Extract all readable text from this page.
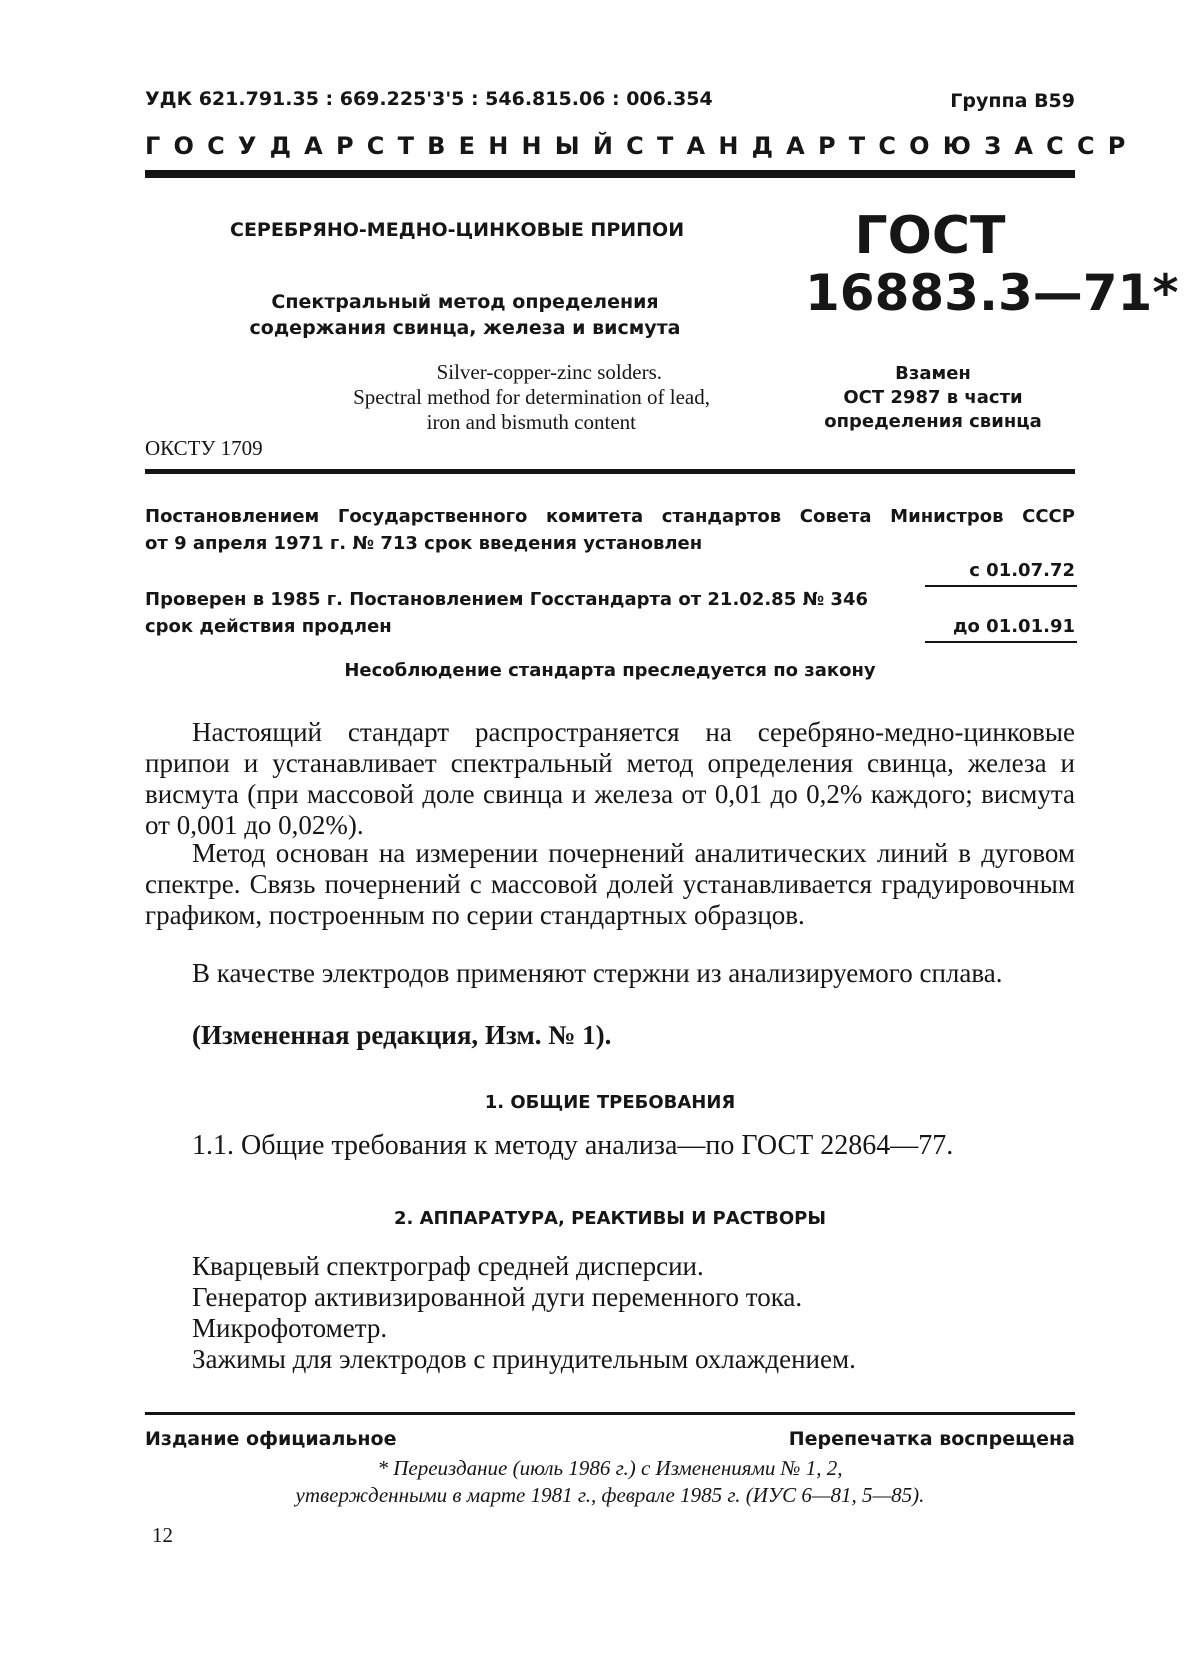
УДК 621.791.35 : 669.225'3'5 : 546.815.06 : 006.354	Группа В59
ГОСУДАРСТВЕННЫЙ СТАНДАРТ СОЮЗА ССР
СЕРЕБРЯНО-МЕДНО-ЦИНКОВЫЕ ПРИПОИ
Спектральный метод определения
содержания свинца, железа и висмута
Silver-copper-zinc solders.
Spectral method for determination of lead,
iron and bismuth content
ОКСТУ 1709
ГОСТ
16883.3—71*
Взамен
ОСТ 2987 в части
определения свинца
Постановлением Государственного комитета стандартов Совета Министров СССР
от 9 апреля 1971 г. № 713 срок введения установлен
с 01.07.72
Проверен в 1985 г. Постановлением Госстандарта от 21.02.85 № 346
срок действия продлен	до 01.01.91
Несоблюдение стандарта преследуется по закону

Настоящий стандарт распространяется на серебряно-медно-цинковые припои и устанавливает спектральный метод определения свинца, железа и висмута (при массовой доле свинца и железа от 0,01 до 0,2% каждого; висмута от 0,001 до 0,02%).

Метод основан на измерении почернений аналитических линий в дуговом спектре. Связь почернений с массовой долей устанавливается градуировочным графиком, построенным по серии стандартных образцов.

В качестве электродов применяют стержни из анализируемого сплава.

(Измененная редакция, Изм. № 1).
1. ОБЩИЕ ТРЕБОВАНИЯ
1.1. Общие требования к методу анализа—по ГОСТ 22864—77.
2. АППАРАТУРА, РЕАКТИВЫ И РАСТВОРЫ
Кварцевый спектрограф средней дисперсии.
Генератор активизированной дуги переменного тока.
Микрофотометр.
Зажимы для электродов с принудительным охлаждением.
Издание официальное	Перепечатка воспрещена
* Переиздание (июль 1986 г.) с Изменениями № 1, 2,
утвержденными в марте 1981 г., феврале 1985 г. (ИУС 6—81, 5—85).
12
